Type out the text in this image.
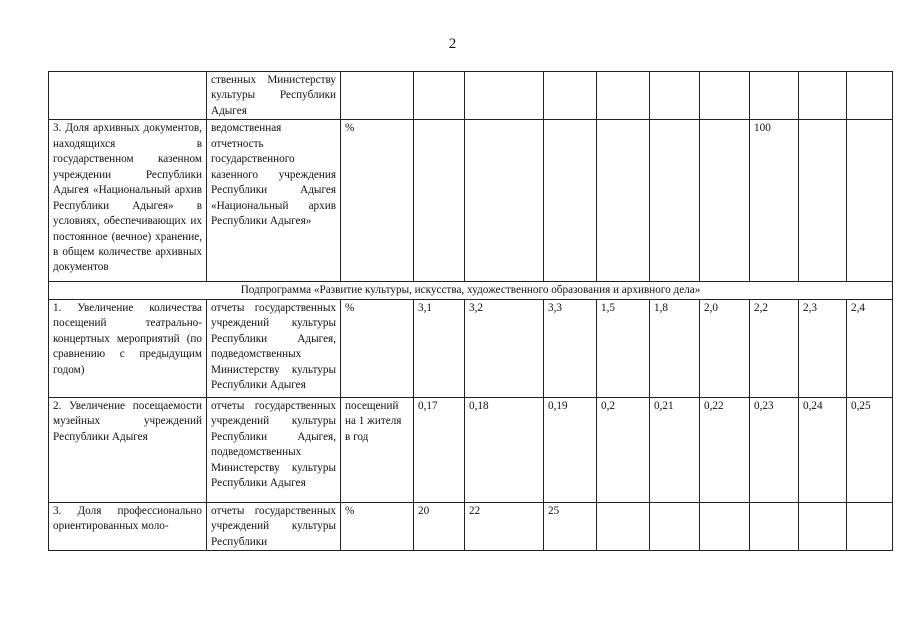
2
	ственных Министерству культуры Республики Адыгея										
3. Доля архивных документов, находящихся в государственном казенном учреждении Республики Адыгея «Национальный архив Республики Адыгея» в условиях, обеспечивающих их постоянное (вечное) хранение, в общем количестве архивных документов	ведомственная отчетность государственного казенного учреждения Республики Адыгея «Национальный архив Республики Адыгея»	%							100		
Подпрограмма «Развитие культуры, искусства, художественного образования и архивного дела»											
1. Увеличение количества посещений театрально-концертных мероприятий (по сравнению с предыдущим годом)	отчеты государственных учреждений культуры Республики Адыгея, подведомственных Министерству культуры Республики Адыгея	%	3,1	3,2	3,3	1,5	1,8	2,0	2,2	2,3	2,4
2. Увеличение посещаемости музейных учреждений Республики Адыгея	отчеты государственных учреждений культуры Республики Адыгея, подведомственных Министерству культуры Республики Адыгея	посещений на 1 жителя в год	0,17	0,18	0,19	0,2	0,21	0,22	0,23	0,24	0,25
3. Доля профессионально ориентированных моло-	отчеты государственных учреждений культуры Республики	%	20	22	25						
